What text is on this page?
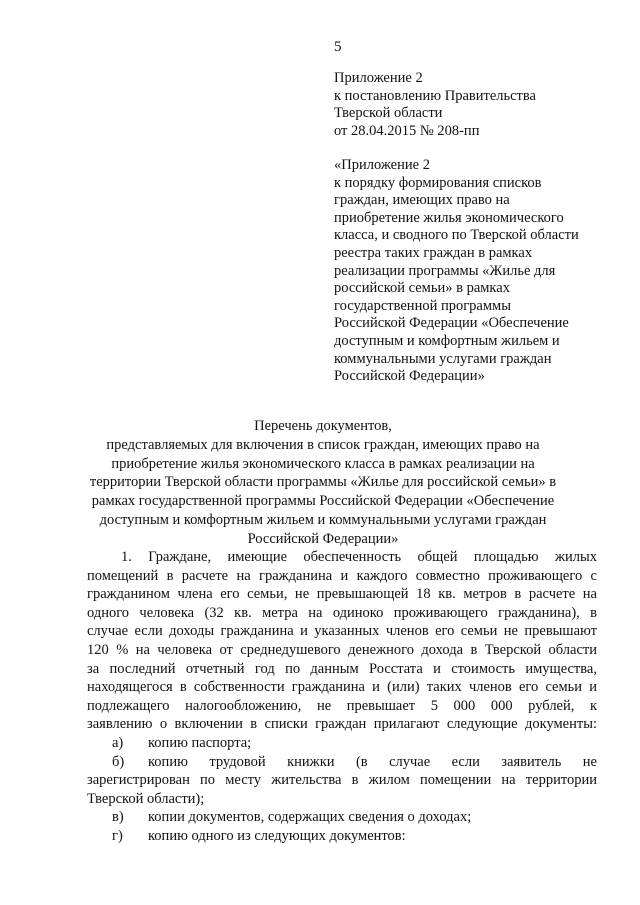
5
Приложение 2
к постановлению Правительства
Тверской области
от 28.04.2015 № 208-пп
«Приложение 2
к порядку формирования списков
граждан, имеющих право на
приобретение жилья экономического
класса, и сводного по Тверской области
реестра таких граждан в рамках
реализации программы «Жилье для
российской семьи» в рамках
государственной программы
Российской Федерации «Обеспечение
доступным и комфортным жильем и
коммунальными услугами граждан
Российской Федерации»
Перечень документов,
представляемых для включения в список граждан, имеющих право на
приобретение жилья экономического класса в рамках реализации на
территории Тверской области программы «Жилье для российской семьи» в
рамках государственной программы Российской Федерации «Обеспечение
доступным и комфортным жильем и коммунальными услугами граждан
Российской Федерации»
1. Граждане, имеющие обеспеченность общей площадью жилых
помещений в расчете на гражданина и каждого совместно проживающего с
гражданином члена его семьи, не превышающей 18 кв. метров в расчете на
одного человека (32 кв. метра на одиноко проживающего гражданина), в
случае если доходы гражданина и указанных членов его семьи не превышают
120 % на человека от среднедушевого денежного дохода в Тверской области
за последний отчетный год по данным Росстата и стоимость имущества,
находящегося в собственности гражданина и (или) таких членов его семьи и
подлежащего налогообложению, не превышает 5 000 000 рублей, к
заявлению о включении в списки граждан прилагают следующие документы:
а) копию паспорта;
б) копию трудовой книжки (в случае если заявитель не
зарегистрирован по месту жительства в жилом помещении на территории
Тверской области);
в) копии документов, содержащих сведения о доходах;
г) копию одного из следующих документов:
